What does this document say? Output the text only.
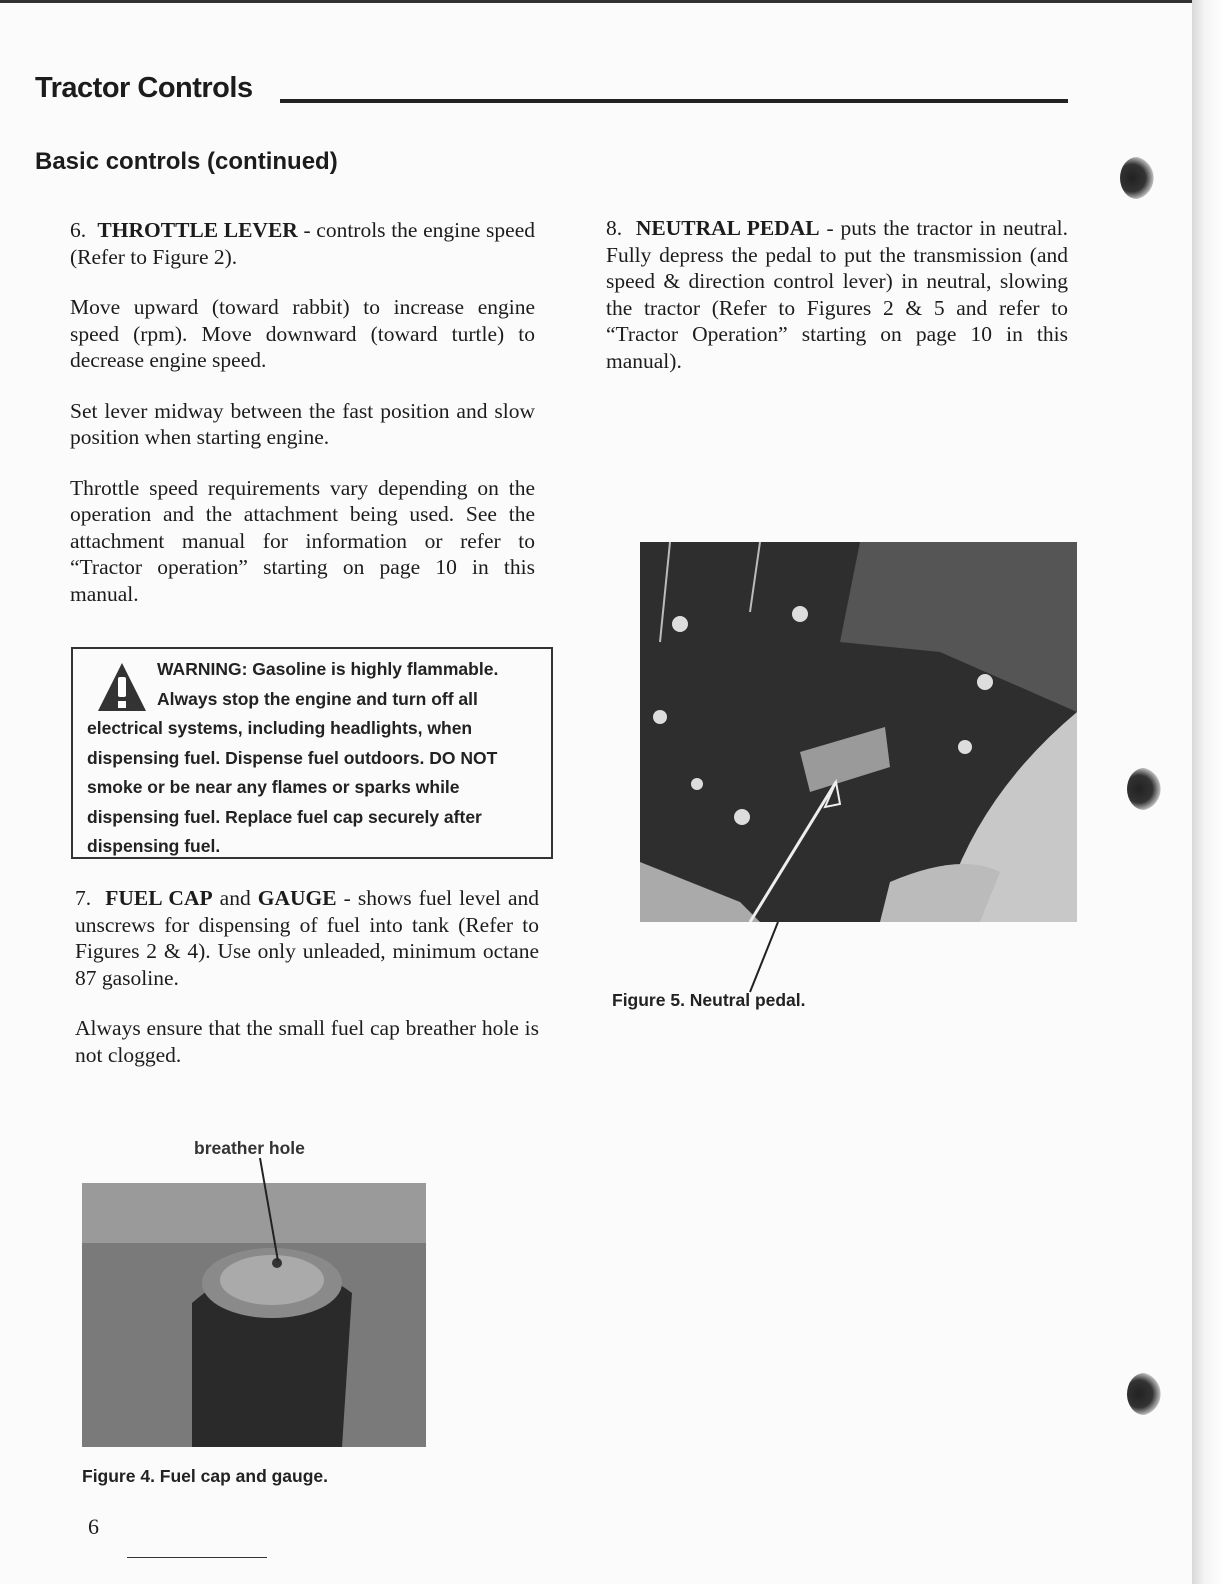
Tractor Controls
Basic controls (continued)

6. THROTTLE LEVER - controls the engine speed (Refer to Figure 2).

Move upward (toward rabbit) to increase engine speed (rpm). Move downward (toward turtle) to decrease engine speed.

Set lever midway between the fast position and slow position when starting engine.

Throttle speed requirements vary depending on the operation and the attachment being used. See the attachment manual for information or refer to “Tractor operation” starting on page 10 in this manual.

WARNING: Gasoline is highly flammable. Always stop the engine and turn off all electrical systems, including headlights, when dispensing fuel. Dispense fuel outdoors. DO NOT smoke or be near any flames or sparks while dispensing fuel. Replace fuel cap securely after dispensing fuel.

7. FUEL CAP and GAUGE - shows fuel level and unscrews for dispensing of fuel into tank (Refer to Figures 2 & 4). Use only unleaded, minimum octane 87 gasoline.

Always ensure that the small fuel cap breather hole is not clogged.

8. NEUTRAL PEDAL - puts the tractor in neutral. Fully depress the pedal to put the transmission (and speed & direction control lever) in neutral, slowing the tractor (Refer to Figures 2 & 5 and refer to “Tractor Operation” starting on page 10 in this manual).

Figure 5. Neutral pedal.
breather hole
Figure 4. Fuel cap and gauge.
6
